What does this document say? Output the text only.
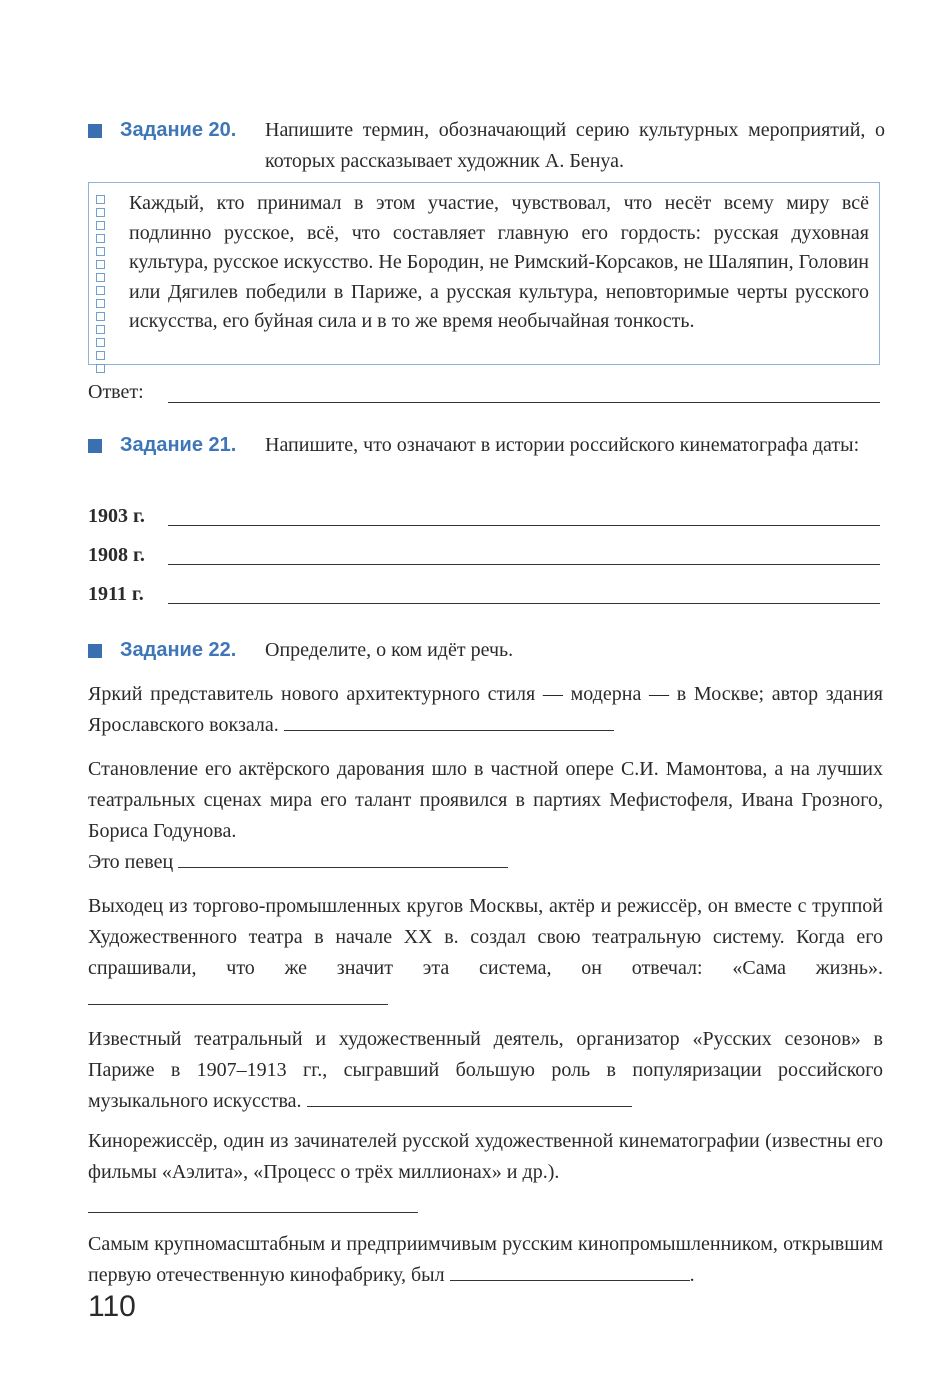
Задание 20. Напишите термин, обозначающий серию культурных мероприятий, о которых рассказывает художник А. Бенуа.
Каждый, кто принимал в этом участие, чувствовал, что несёт всему миру всё подлинно русское, всё, что составляет главную его гордость: русская духовная культура, русское искусство. Не Бородин, не Римский-Корсаков, не Шаляпин, Головин или Дягилев победили в Париже, а русская культура, неповторимые черты русского искусства, его буйная сила и в то же время необычайная тонкость.
Ответ:
Задание 21. Напишите, что означают в истории российского кинематографа даты:
1903 г.
1908 г.
1911 г.
Задание 22. Определите, о ком идёт речь.
Яркий представитель нового архитектурного стиля — модерна — в Москве; автор здания Ярославского вокзала.
Становление его актёрского дарования шло в частной опере С.И. Мамонтова, а на лучших театральных сценах мира его талант проявился в партиях Мефистофеля, Ивана Грозного, Бориса Годунова.
Это певец
Выходец из торгово-промышленных кругов Москвы, актёр и режиссёр, он вместе с труппой Художественного театра в начале XX в. создал свою театральную систему. Когда его спрашивали, что же значит эта система, он отвечал: «Сама жизнь».
Известный театральный и художественный деятель, организатор «Русских сезонов» в Париже в 1907–1913 гг., сыгравший большую роль в популяризации российского музыкального искусства.
Кинорежиссёр, один из зачинателей русской художественной кинематографии (известны его фильмы «Аэлита», «Процесс о трёх миллионах» и др.).
Самым крупномасштабным и предприимчивым русским кинопромышленником, открывшим первую отечественную кинофабрику, был	.
110
